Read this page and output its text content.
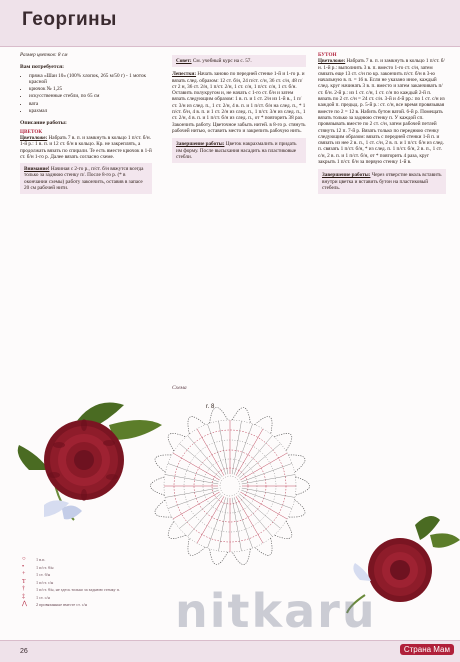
Георгины
Размер цветков: 8 см
Вам потребуется:
• пряжа «Шаи 10» (100% хлопок, 265 м/50 г) - 1 моток красной
• крючок № 1,25
• искусственные стебли, по 65 см
• вата
• крахмал
Описание работы:
ЦВЕТОК
Цветоложе: Набрать 7 в. п. и замкнуть в кольцо 1 п/ст. б/н. 1-й р.: 1 в. п. и 12 ст. б/н в кольцо. Кр. не закреплять, а продолжать вязать по спирали. Те есть вместе крючок в 1-й ст. б/н 1-го р. Далее вязать согласно схеме.
Внимание! Начиная с 2-го р., п/ст. б/н вяжутся всегда только за заднюю стенку п/. После 8-го р. (* в окончании схемы) работу закончить, оставив в запасе 20 см рабочей нити.
Совет: См. учебный курс на с. 57.
Лепестки: Начать заново по передней стенке 1-й и 1-го р. и вязать след. образом: 12 ст. б/н, 24 п/ст. с/н, 36 ст. с/н, 48 п/ст 2 н, 36 ст. 2/н, 1 п/ст. 2/н, 1 ст. с/н, 1 п/ст. с/н, 1 ст. б/н. Оставить полукругом и, не начать с 1-го ст. б/н и затем вязать следующим образом: 1 в. п. и 1 ст. 2/н из 1-й в., 1 п/ст. 3/н из след. п., 1 ст. 2/н, 4 в. п. и 1 п/ст. б/н на след. п., * 1 п/ст. б/н, 4 в. п. и 1 ст. 2/н из след. п., 1 п/ст. 3/н из след. п., 1 ст. 2/н, 4 в. п. и 1 п/ст. б/н из след. п., от * повторить 38 раз. Закончить работу. Цветочное забыть нитей. в 8-го р. стянуть рабочей нитью, оставить место и закрепить рабочую нить.
Завершение работы: Цветок накрахмалить и придать им форму. После высыхания насадить на пластиковые стебли.
БУТОН
Цветоложе: Набрать 7 в. п. и замкнуть в кольцо 1 п/ст. б/н. 1-й р.: выполнить 3 в. п. вместо 1-го ст. с/н, затем связать еще 13 ст. с/н по кр. закончить п/ст. б/н в 3-ю начальную в. п. = 16 в. Если не указано иное, каждый след. круг начинать 3 в. п. вместо и затем заканчивать п/ст. б/н. 2-й р.: из 1 ст. с/н, 1 ст. с/н по каждый 2-й п. вязать по 2 ст. с/н = 24 ст. с/н. 3-й и 4-й рр.: по 1 ст. с/н из каждой п. предыд. р. 5-й р.: ст. с/н, все время провязывая вместе по 2 = 12 в. Набить бутон ватой. 6-й р. Помещать вязать только за заднюю стенку п. У каждой сп. провязывать вместе по 2 ст. с/н, затем рабочей петлей стянуть 12 п. 7-й р. Вязать только по переднюю стенку следующим образом: вязать с передней стенки 1-й п. и связать из нее 2 в. п., 1 ст. с/н, 2 в. п. и 1 п/ст. б/н из след. п. связать 1 п/ст. б/н, * из след. п. 1 п/ст. б/н, 2 в. п., 1 ст. с/н, 2 в. п. и 1 п/ст. б/н, от * повторить 4 раза, круг закрыть 1 п/ст. б/н за первую стенку 1-й в.
Завершение работы: Через отверстие вколь вставить внутри цветка и вставить бутон на пластиковый стебель.
Схема
r. 8
○	1 в.п.
•	1 п/ст. б/н
+	1 ст. б/н
Т	1 п/ст. с/н
†	1 п/ст. б/н, не здесь только за заднюю стенку п.
‡	1 ст. с/н
⋀	2 провязанные вместе ст. с/н nitkaru
26	Страна Мам
